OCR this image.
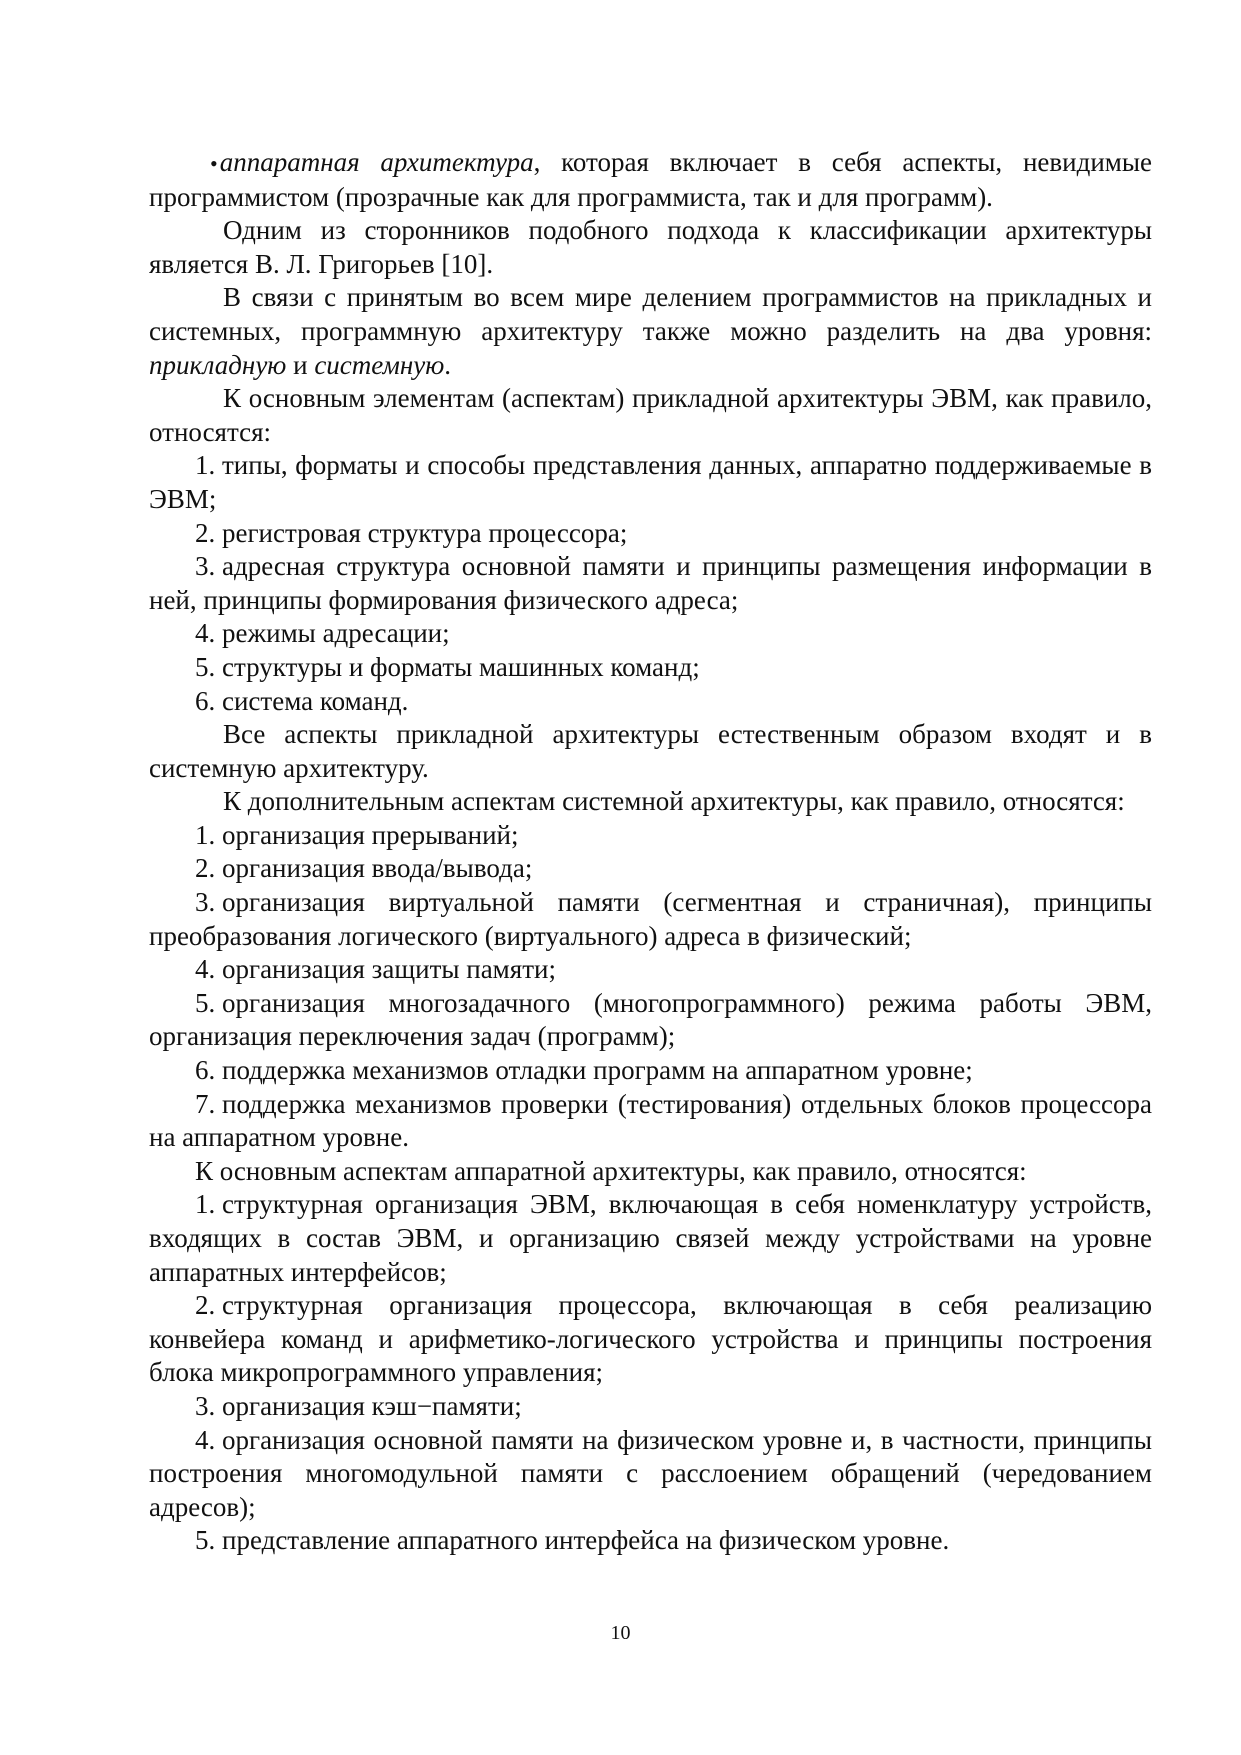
•аппаратная архитектура, которая включает в себя аспекты, невидимые программистом (прозрачные как для программиста, так и для программ).

Одним из сторонников подобного подхода к классификации архитектуры является В. Л. Григорьев [10].

В связи с принятым во всем мире делением программистов на прикладных и системных, программную архитектуру также можно разделить на два уровня: прикладную и системную.

К основным элементам (аспектам) прикладной архитектуры ЭВМ, как правило, относятся:

1. типы, форматы и способы представления данных, аппаратно поддерживаемые в ЭВМ;

2. регистровая структура процессора;

3. адресная структура основной памяти и принципы размещения информации в ней, принципы формирования физического адреса;

4. режимы адресации;

5. структуры и форматы машинных команд;

6. система команд.

Все аспекты прикладной архитектуры естественным образом входят и в системную архитектуру.

К дополнительным аспектам системной архитектуры, как правило, относятся:

1. организация прерываний;

2. организация ввода/вывода;

3. организация виртуальной памяти (сегментная и страничная), принципы преобразования логического (виртуального) адреса в физический;

4. организация защиты памяти;

5. организация многозадачного (многопрограммного) режима работы ЭВМ, организация переключения задач (программ);

6. поддержка механизмов отладки программ на аппаратном уровне;

7. поддержка механизмов проверки (тестирования) отдельных блоков процессора на аппаратном уровне.

К основным аспектам аппаратной архитектуры, как правило, относятся:

1. структурная организация ЭВМ, включающая в себя номенклатуру устройств, входящих в состав ЭВМ, и организацию связей между устройствами на уровне аппаратных интерфейсов;

2. структурная организация процессора, включающая в себя реализацию конвейера команд и арифметико-логического устройства и принципы построения блока микропрограммного управления;

3. организация кэш−памяти;

4. организация основной памяти на физическом уровне и, в частности, принципы построения многомодульной памяти с расслоением обращений (чередованием адресов);

5. представление аппаратного интерфейса на физическом уровне.

10
